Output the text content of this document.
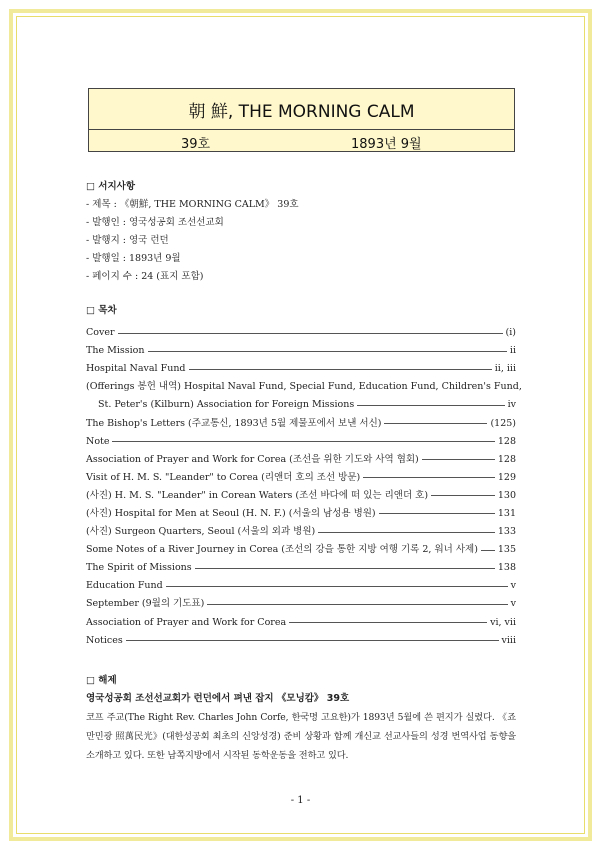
朝 鮮, THE MORNING CALM
39호	1893년 9월
□ 서지사항
- 제목 : 《朝鮮, THE MORNING CALM》 39호
- 발행인 : 영국성공회 조선선교회
- 발행지 : 영국 런던
- 발행일 : 1893년 9월
- 페이지 수 : 24 (표지 포함)
□ 목차
Cover	(i)
The Mission	ii
Hospital Naval Fund	ii, iii
(Offerings 봉헌 내역) Hospital Naval Fund, Special Fund, Education Fund, Children's Fund,
St. Peter's (Kilburn) Association for Foreign Missions	iv
The Bishop's Letters (주교통신, 1893년 5월 제물포에서 보낸 서신)	(125)
Note	128
Association of Prayer and Work for Corea (조선을 위한 기도와 사역 협회)	128
Visit of H. M. S. "Leander" to Corea (리앤더 호의 조선 방문)	129
(사진) H. M. S. "Leander" in Corean Waters (조선 바다에 떠 있는 리앤더 호)	130
(사진) Hospital for Men at Seoul (H. N. F.) (서울의 남성용 병원)	131
(사진) Surgeon Quarters, Seoul (서울의 외과 병원)	133
Some Notes of a River Journey in Corea (조선의 강을 통한 지방 여행 기록 2, 워너 사제) 135
The Spirit of Missions	138
Education Fund	v
September (9월의 기도표)	v
Association of Prayer and Work for Corea	vi, vii
Notices	viii
□ 해제
영국성공회 조선선교회가 런던에서 펴낸 잡지 《모닝캄》 39호
코프 주교(The Right Rev. Charles John Corfe, 한국명 고요한)가 1893년 5월에 쓴 편지가 실렸다. 《죠만민광 照萬民光》(대한성공회 최초의 신앙성경) 준비 상황과 함께 개신교 선교사들의 성경 번역사업 동향을 소개하고 있다. 또한 남쪽지방에서 시작된 동학운동을 전하고 있다.
- 1 -
